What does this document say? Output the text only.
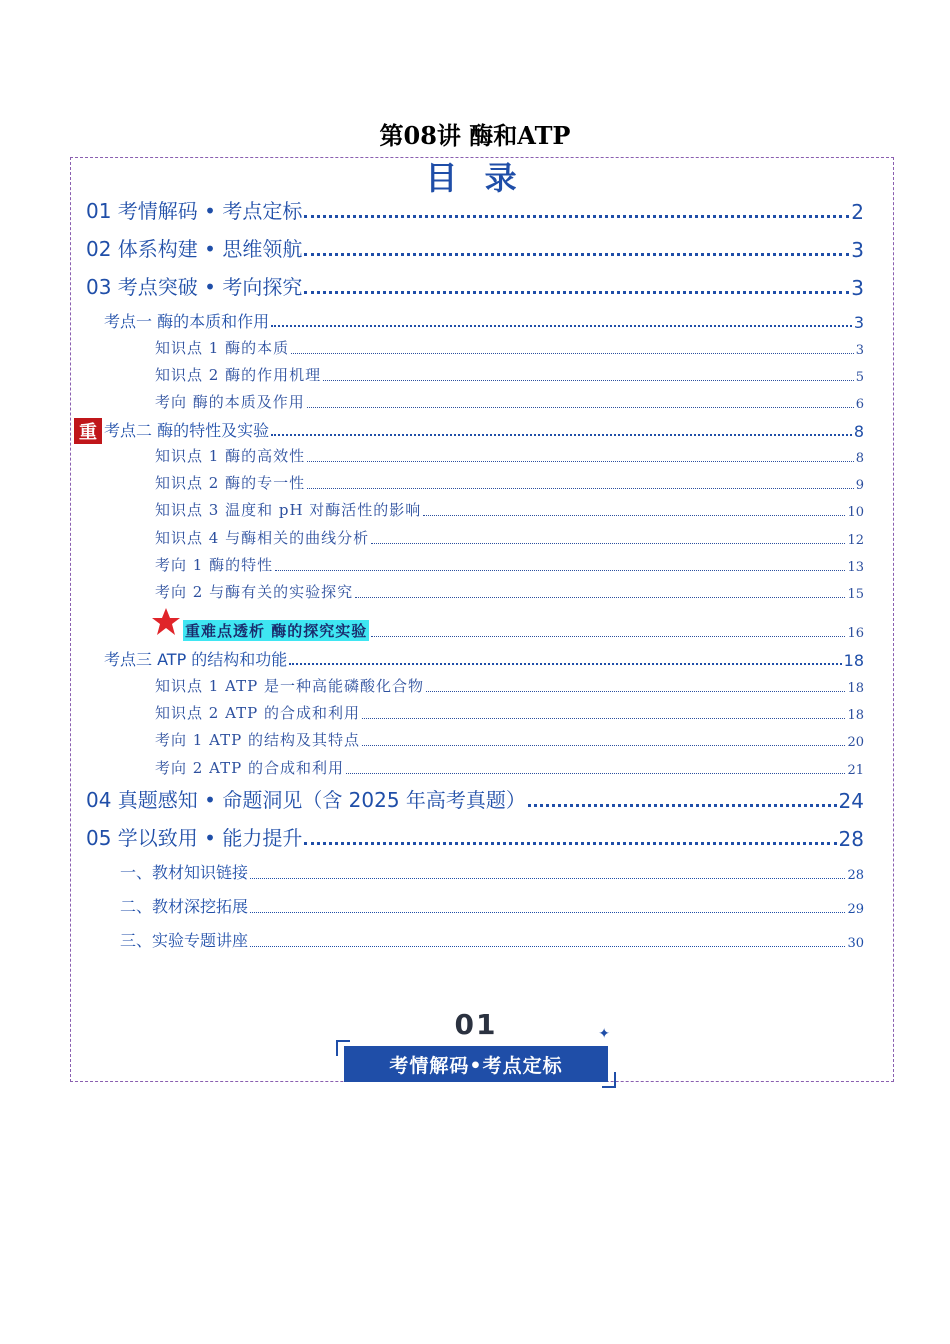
第08讲 酶和ATP
目 录
01 考情解码 • 考点定标	2
02 体系构建 • 思维领航	3
03 考点突破 • 考向探究	3
考点一 酶的本质和作用	3
知识点 1 酶的本质	3
知识点 2 酶的作用机理	5
考向 酶的本质及作用	6
重 考点二 酶的特性及实验	8
知识点 1 酶的高效性	8
知识点 2 酶的专一性	9
知识点 3 温度和 pH 对酶活性的影响	10
知识点 4 与酶相关的曲线分析	12
考向 1 酶的特性	13
考向 2 与酶有关的实验探究	15
重难点透析 酶的探究实验	16
考点三 ATP 的结构和功能	18
知识点 1 ATP 是一种高能磷酸化合物	18
知识点 2 ATP 的合成和利用	18
考向 1 ATP 的结构及其特点	20
考向 2 ATP 的合成和利用	21
04 真题感知 • 命题洞见（含 2025 年高考真题）	24
05 学以致用 • 能力提升	28
一、教材知识链接	28
二、教材深挖拓展	29
三、实验专题讲座	30
01	✦
考情解码•考点定标
